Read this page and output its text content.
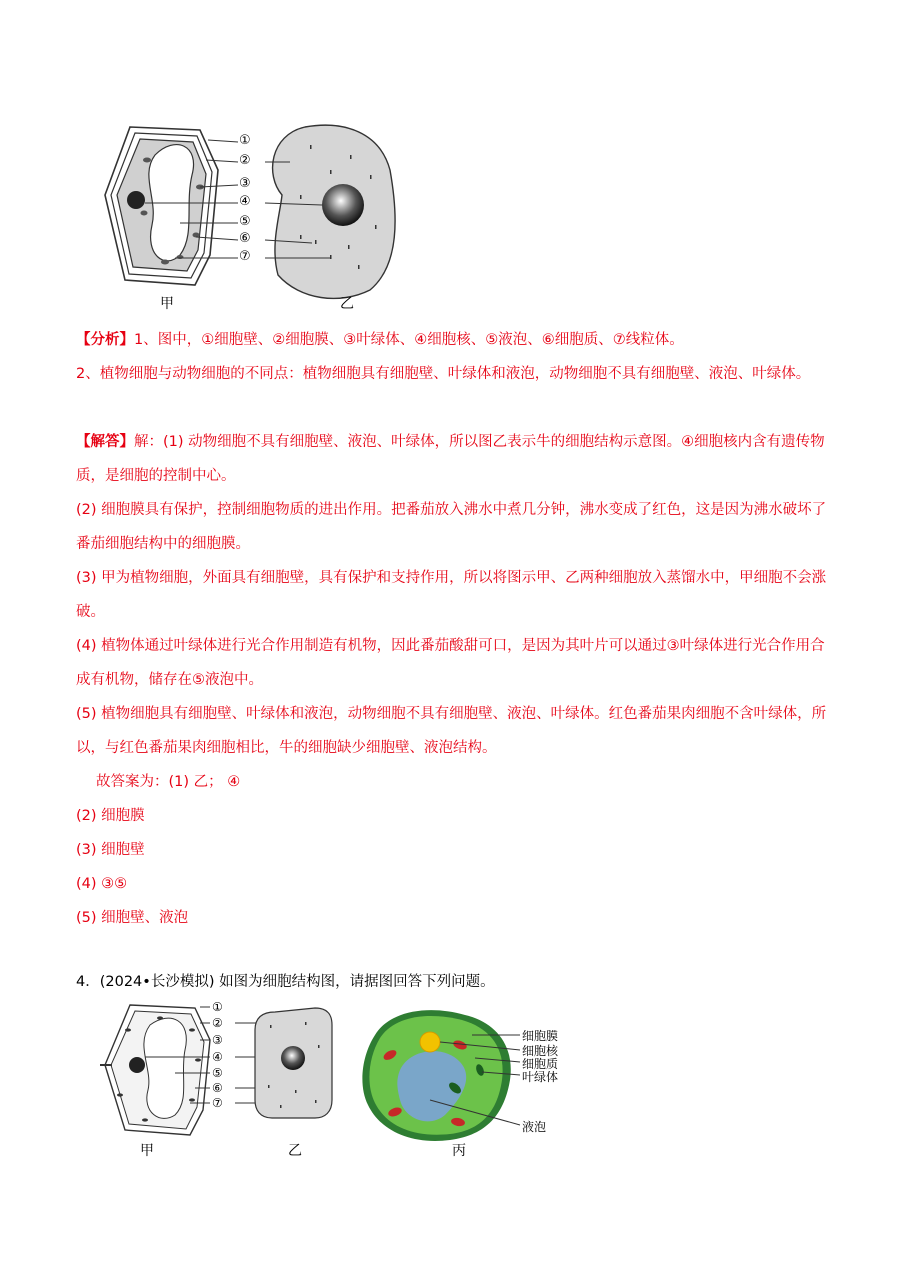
①
②
③
④
⑤
⑥
⑦
甲	乙

【分析】1、图中，①细胞壁、②细胞膜、③叶绿体、④细胞核、⑤液泡、⑥细胞质、⑦线粒体。

2、植物细胞与动物细胞的不同点：植物细胞具有细胞壁、叶绿体和液泡，动物细胞不具有细胞壁、液泡、叶绿体。

【解答】解：(1) 动物细胞不具有细胞壁、液泡、叶绿体，所以图乙表示牛的细胞结构示意图。④细胞核内含有遗传物质，是细胞的控制中心。

(2) 细胞膜具有保护，控制细胞物质的进出作用。把番茄放入沸水中煮几分钟，沸水变成了红色，这是因为沸水破坏了番茄细胞结构中的细胞膜。

(3) 甲为植物细胞，外面具有细胞壁，具有保护和支持作用，所以将图示甲、乙两种细胞放入蒸馏水中，甲细胞不会涨破。

(4) 植物体通过叶绿体进行光合作用制造有机物，因此番茄酸甜可口，是因为其叶片可以通过③叶绿体进行光合作用合成有机物，储存在⑤液泡中。

(5) 植物细胞具有细胞壁、叶绿体和液泡，动物细胞不具有细胞壁、液泡、叶绿体。红色番茄果肉细胞不含叶绿体，所以，与红色番茄果肉细胞相比，牛的细胞缺少细胞壁、液泡结构。

故答案为：(1) 乙； ④

(2) 细胞膜

(3) 细胞壁

(4) ③⑤

(5) 细胞壁、液泡

4．(2024•长沙模拟) 如图为细胞结构图，请据图回答下列问题。
①
②
③
④
⑤
⑥
⑦
甲	乙	丙
细胞膜
细胞核
细胞质
叶绿体
液泡
